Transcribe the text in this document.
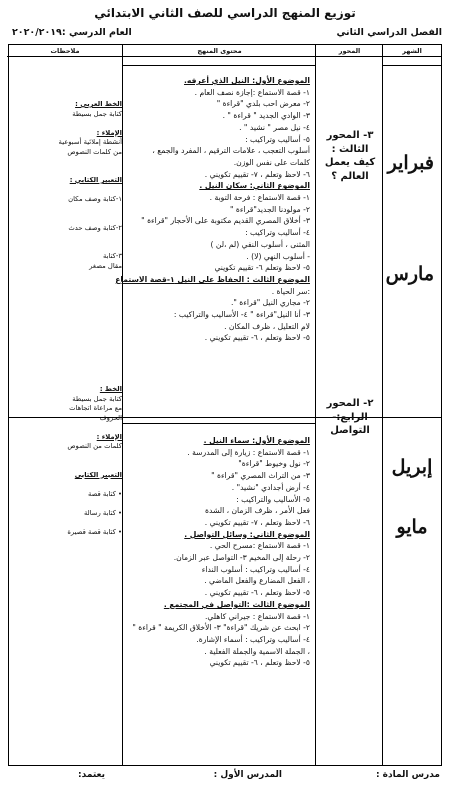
توزيع المنهج الدراسي للصف الثاني الابتدائي
الفصل الدراسي الثاني
العام الدرسي :٢٠٢٠/٢٠١٩
الشهر
المحور
محتوى المنهج
ملاحظات
فبراير
مارس
إبريل
مايو
٣- المحور
الثالث :
كيف يعمل
العالم ؟
٢- المحور
الرابع:-
التواصل
الموضوع الأول: النيل الذي أعرفه.
١- قصة الاستماع :إجازة نصف العام .
٢- معرض احب بلدي "قراءة "
٣- الوادي الجديد " قراءة " .
٤- نيل مصر " نشيد " .
٥- أساليب وتراكيب :
أسلوب التعجب ، علامات الترقيم ، المفرد والجمع ،
كلمات على نفس الوزن.
٦- لاحظ وتعلم ، ٧- تقييم تكويني .
الموضوع الثاني: سكان النيل .
١- قصة الاستماع : فرحة التوبة .
٢- مولودنا الجديد"قراءة "
٣- أخلاق المصري القديم مكتوبة على الأحجار "قراءة "
٤- أساليب وتراكيب :
المثنى ، أسلوب النفي (لم ،لن )
- أسلوب النهي (لا) .
٥- لاحظ وتعلم ٦- تقييم تكويني
الموضوع الثالث : الحفاظ على النيل ١-قصة الاستماع
:سر الحياة .
٢- مجاري النيل "قراءة ".
٣- أنا النيل"قراءة " ٤- الأساليب والتراكيب :
لام التعليل ، ظرف المكان .
٥- لاحظ وتعلم ، ٦- تقييم تكويني .
الموضوع الأول: سماء النيل .
١- قصة الاستماع : زيارة إلى المدرسة .
٢- نول وخيوط "قراءة"
٣- من التراث المصري "قراءة "
٤- أرض أجدادي "نشيد" .
٥- الأساليب والتراكيب :
فعل الأمر ، ظرف الزمان ، الشدة
٦- لاحظ وتعلم ، ٧- تقييم تكويني .
الموضوع الثاني: وسائل التواصل .
١- قصة الاستماع :مسرح الحي .
٢- رحلة إلى المخيم ٣- التواصل عبر الزمان.
٤- أساليب وتراكيب : أسلوب النداء
، الفعل المضارع والفعل الماضي .
٥- لاحظ وتعلم ، ٦- تقييم تكويني .
الموضوع الثالث :التواصل في المجتمع .
١- قصة الاستماع : جيراني كاهلي.
٢- ابحث عن شريك "قراءة" ٣- الأخلاق الكريمة " قراءة "
٤- أساليب وتراكيب : أسماء الإشارة.
، الجملة الاسمية والجملة الفعلية .
٥- لاحظ وتعلم ، ٦- تقييم تكويني
الخط العربي :
كتابة جمل بسيطة

الإملاء :
أنشطة إملائية أسبوعية
من كلمات النصوص

التعبير الكتابي :

١-كتابة وصف مكان

٢-كتابة وصف حدث

٣-كتابة
مقال مصغر
الخط :
كتابة جمل بسيطة
مع مراعاة اتجاهات
الحروف

الإملاء :
كلمات من النصوص

التعبير الكتابي

• كتابة قصة

• كتابة رسالة

• كتابة قصة قصيرة
مدرس المادة :
المدرس الأول :
يعتمد:
